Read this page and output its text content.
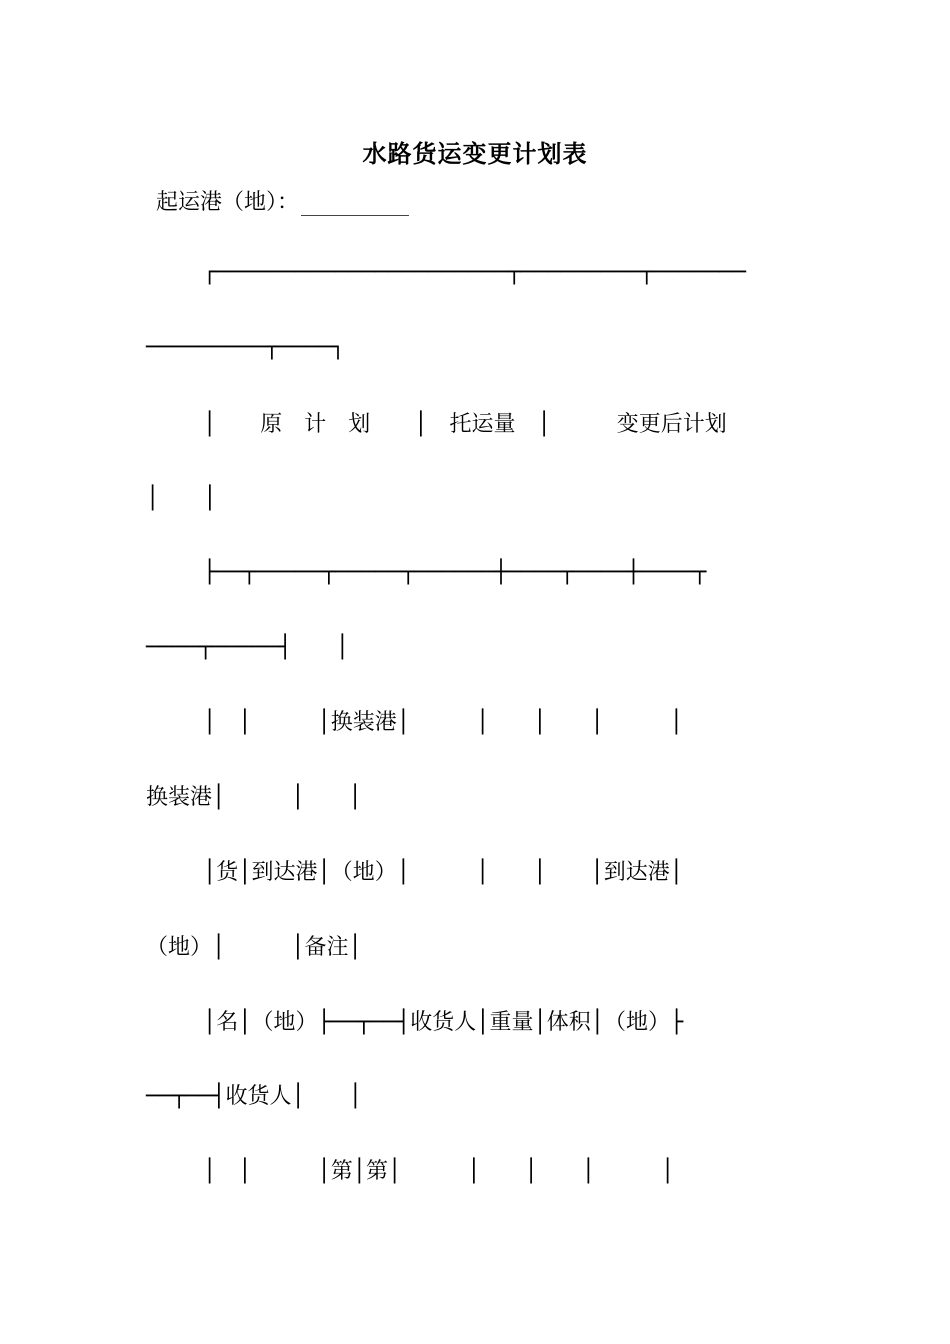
水路货运变更计划表
起运港（地）：
┌──────────────────────┬─────────┬───────
─────────┬────┐
│　　原　计　划　　│　托运量　│　　　变更后计划
│　　│
├──┬─────┬─────┬──────┼────┬────┼────┬
────┬─────┤　　│
│　│　　　│换装港│　　　│　　│　　│　　　│
换装港│　　　│　　│
│货│到达港│（地）│　　　│　　│　　│到达港│
（地）│　　　│备注│
│名│（地）├──┬──┤收货人│重量│体积│（地）├
──┬──┤收货人│　　│
│　│　　　│第│第│　　　│　　│　　│　　　│
